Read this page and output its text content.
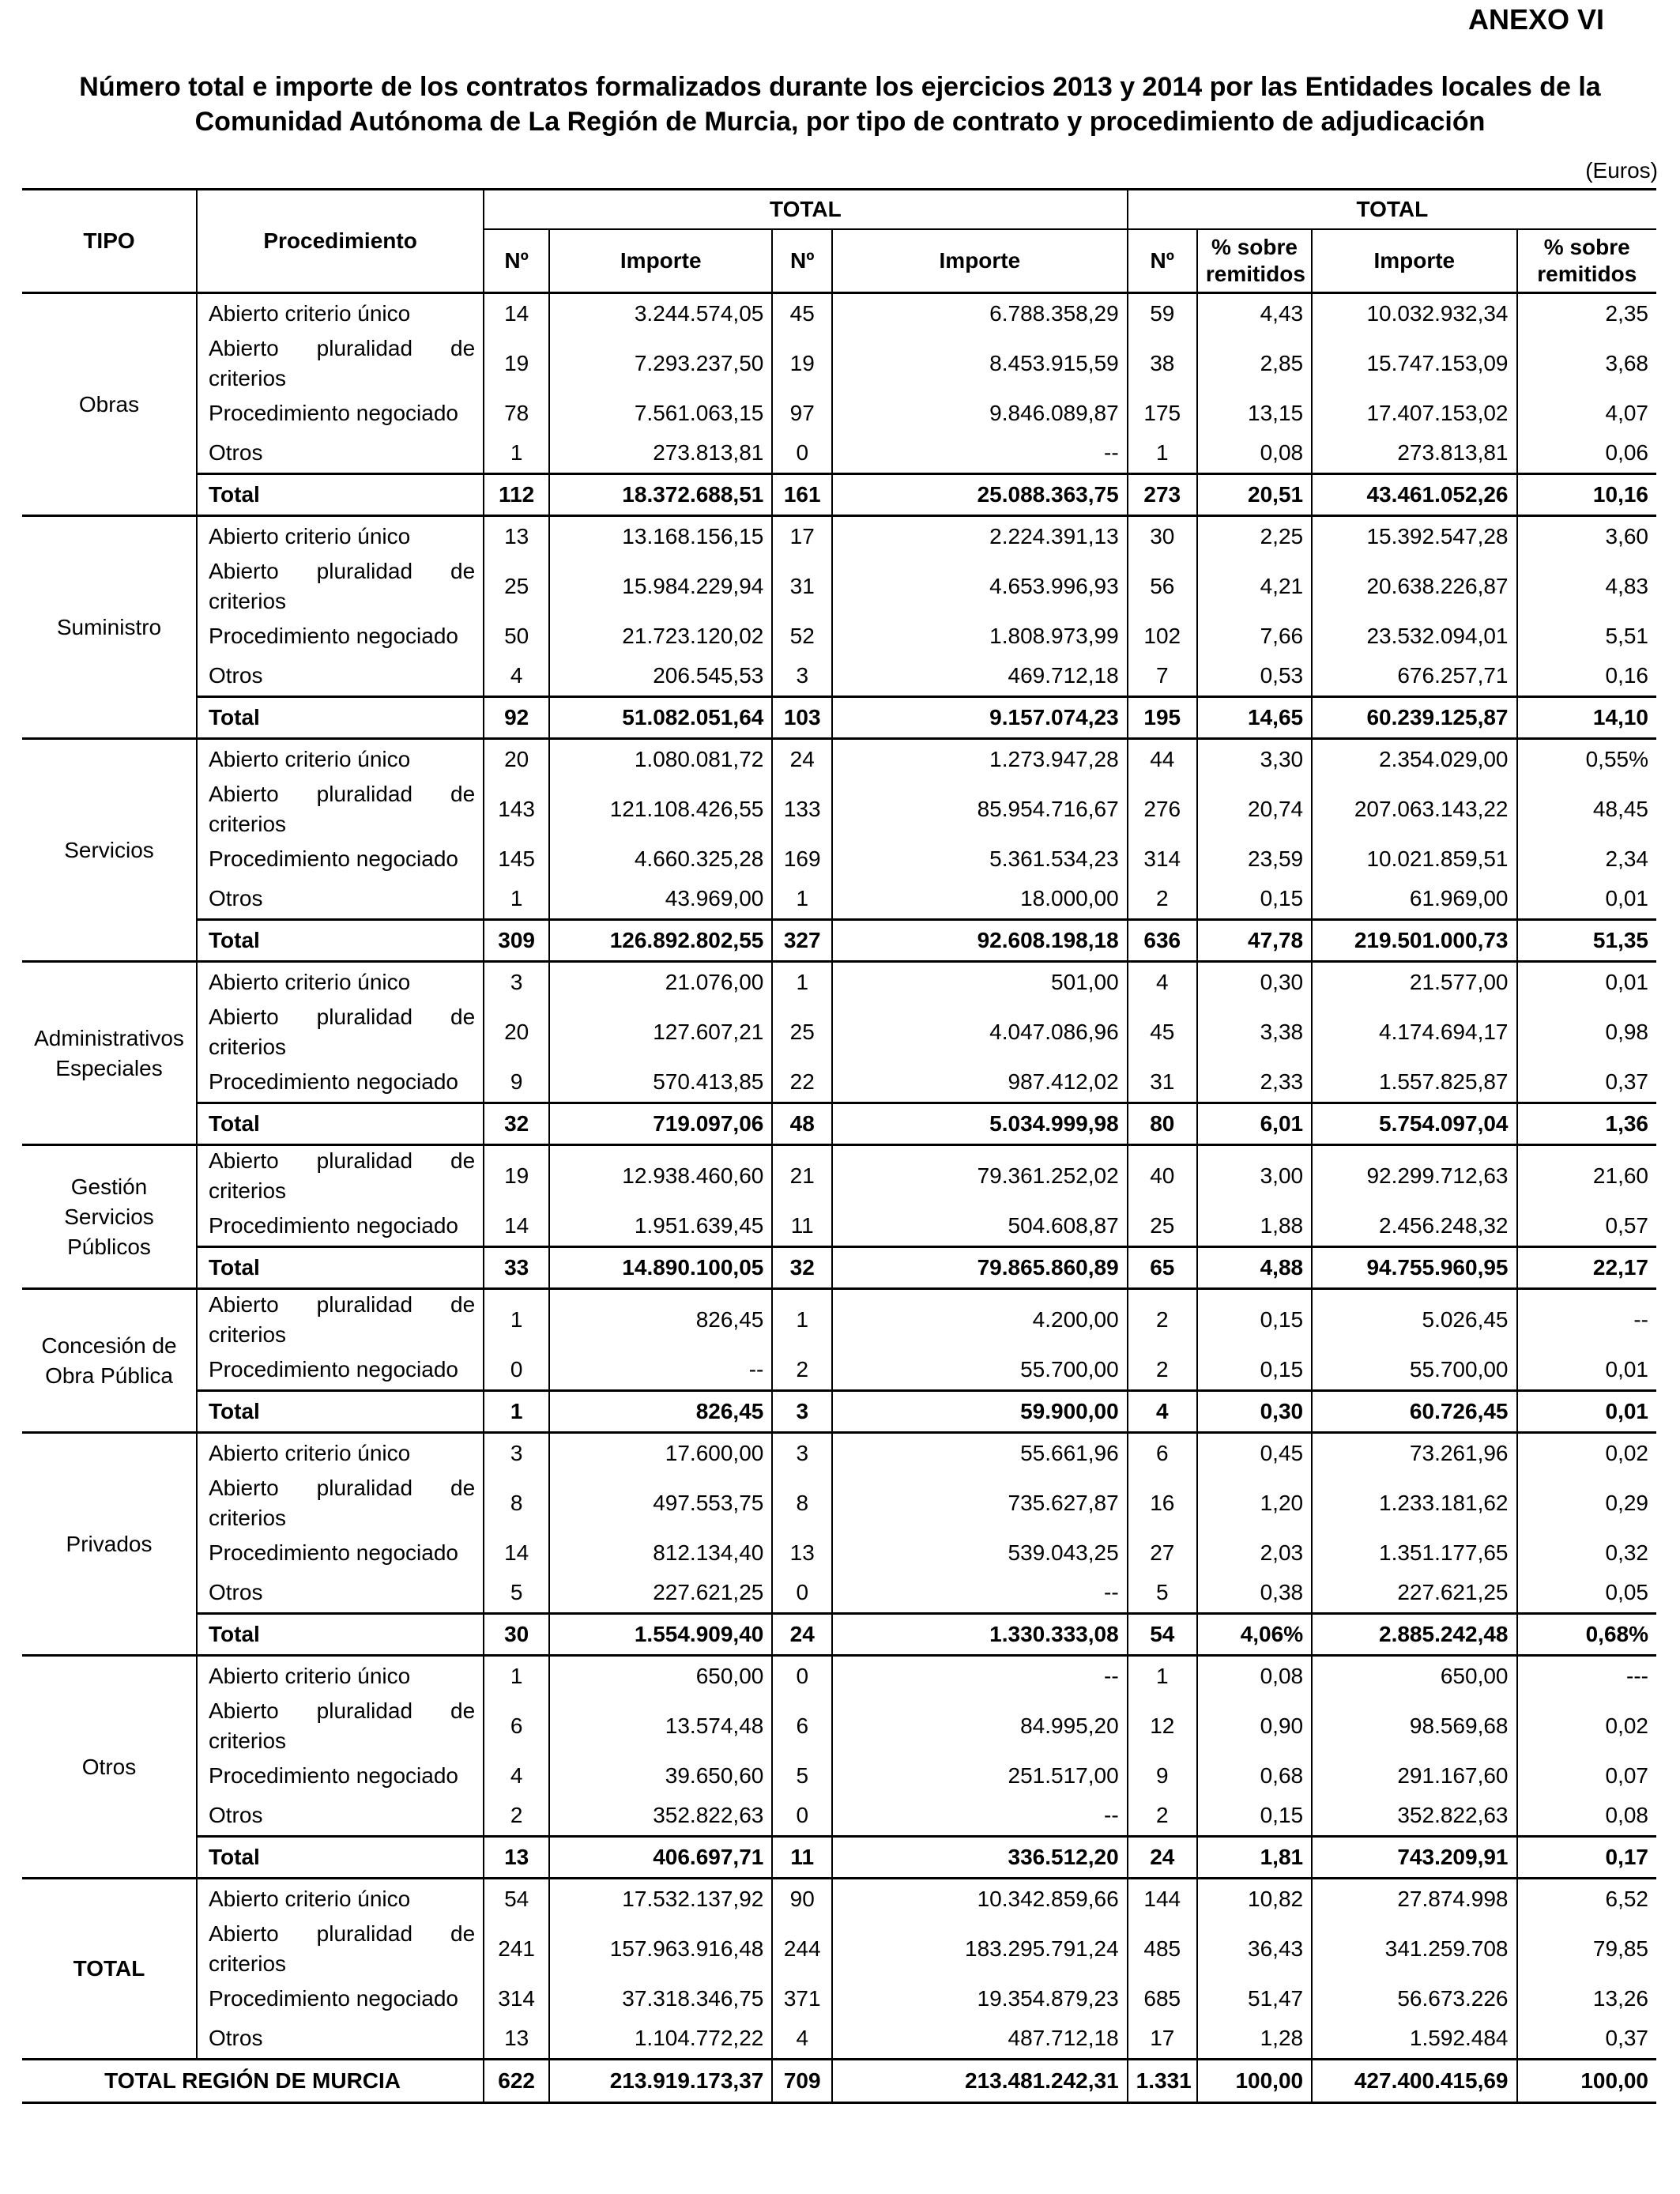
ANEXO VI
Número total e importe de los contratos formalizados durante los ejercicios 2013 y 2014 por las Entidades locales de la Comunidad Autónoma de La Región de Murcia, por tipo de contrato y procedimiento de adjudicación
(Euros)
TIPO	Procedimiento	TOTAL				TOTAL			
		Nº	Importe	Nº	Importe	Nº	% sobre remitidos	Importe	% sobre remitidos
Obras	Abierto criterio único	14	3.244.574,05	45	6.788.358,29	59	4,43	10.032.932,34	2,35
	Abierto pluralidad de criterios	19	7.293.237,50	19	8.453.915,59	38	2,85	15.747.153,09	3,68
	Procedimiento negociado	78	7.561.063,15	97	9.846.089,87	175	13,15	17.407.153,02	4,07
	Otros	1	273.813,81	0	--	1	0,08	273.813,81	0,06
	Total	112	18.372.688,51	161	25.088.363,75	273	20,51	43.461.052,26	10,16
Suministro	Abierto criterio único	13	13.168.156,15	17	2.224.391,13	30	2,25	15.392.547,28	3,60
	Abierto pluralidad de criterios	25	15.984.229,94	31	4.653.996,93	56	4,21	20.638.226,87	4,83
	Procedimiento negociado	50	21.723.120,02	52	1.808.973,99	102	7,66	23.532.094,01	5,51
	Otros	4	206.545,53	3	469.712,18	7	0,53	676.257,71	0,16
	Total	92	51.082.051,64	103	9.157.074,23	195	14,65	60.239.125,87	14,10
Servicios	Abierto criterio único	20	1.080.081,72	24	1.273.947,28	44	3,30	2.354.029,00	0,55%
	Abierto pluralidad de criterios	143	121.108.426,55	133	85.954.716,67	276	20,74	207.063.143,22	48,45
	Procedimiento negociado	145	4.660.325,28	169	5.361.534,23	314	23,59	10.021.859,51	2,34
	Otros	1	43.969,00	1	18.000,00	2	0,15	61.969,00	0,01
	Total	309	126.892.802,55	327	92.608.198,18	636	47,78	219.501.000,73	51,35
Administrativos Especiales	Abierto criterio único	3	21.076,00	1	501,00	4	0,30	21.577,00	0,01
	Abierto pluralidad de criterios	20	127.607,21	25	4.047.086,96	45	3,38	4.174.694,17	0,98
	Procedimiento negociado	9	570.413,85	22	987.412,02	31	2,33	1.557.825,87	0,37
	Total	32	719.097,06	48	5.034.999,98	80	6,01	5.754.097,04	1,36
Gestión Servicios Públicos	Abierto pluralidad de criterios	19	12.938.460,60	21	79.361.252,02	40	3,00	92.299.712,63	21,60
	Procedimiento negociado	14	1.951.639,45	11	504.608,87	25	1,88	2.456.248,32	0,57
	Total	33	14.890.100,05	32	79.865.860,89	65	4,88	94.755.960,95	22,17
Concesión de Obra Pública	Abierto pluralidad de criterios	1	826,45	1	4.200,00	2	0,15	5.026,45	--
	Procedimiento negociado	0	--	2	55.700,00	2	0,15	55.700,00	0,01
	Total	1	826,45	3	59.900,00	4	0,30	60.726,45	0,01
Privados	Abierto criterio único	3	17.600,00	3	55.661,96	6	0,45	73.261,96	0,02
	Abierto pluralidad de criterios	8	497.553,75	8	735.627,87	16	1,20	1.233.181,62	0,29
	Procedimiento negociado	14	812.134,40	13	539.043,25	27	2,03	1.351.177,65	0,32
	Otros	5	227.621,25	0	--	5	0,38	227.621,25	0,05
	Total	30	1.554.909,40	24	1.330.333,08	54	4,06%	2.885.242,48	0,68%
Otros	Abierto criterio único	1	650,00	0	--	1	0,08	650,00	---
	Abierto pluralidad de criterios	6	13.574,48	6	84.995,20	12	0,90	98.569,68	0,02
	Procedimiento negociado	4	39.650,60	5	251.517,00	9	0,68	291.167,60	0,07
	Otros	2	352.822,63	0	--	2	0,15	352.822,63	0,08
	Total	13	406.697,71	11	336.512,20	24	1,81	743.209,91	0,17
TOTAL	Abierto criterio único	54	17.532.137,92	90	10.342.859,66	144	10,82	27.874.998	6,52
	Abierto pluralidad de criterios	241	157.963.916,48	244	183.295.791,24	485	36,43	341.259.708	79,85
	Procedimiento negociado	314	37.318.346,75	371	19.354.879,23	685	51,47	56.673.226	13,26
	Otros	13	1.104.772,22	4	487.712,18	17	1,28	1.592.484	0,37
TOTAL REGIÓN DE MURCIA		622	213.919.173,37	709	213.481.242,31	1.331	100,00	427.400.415,69	100,00
